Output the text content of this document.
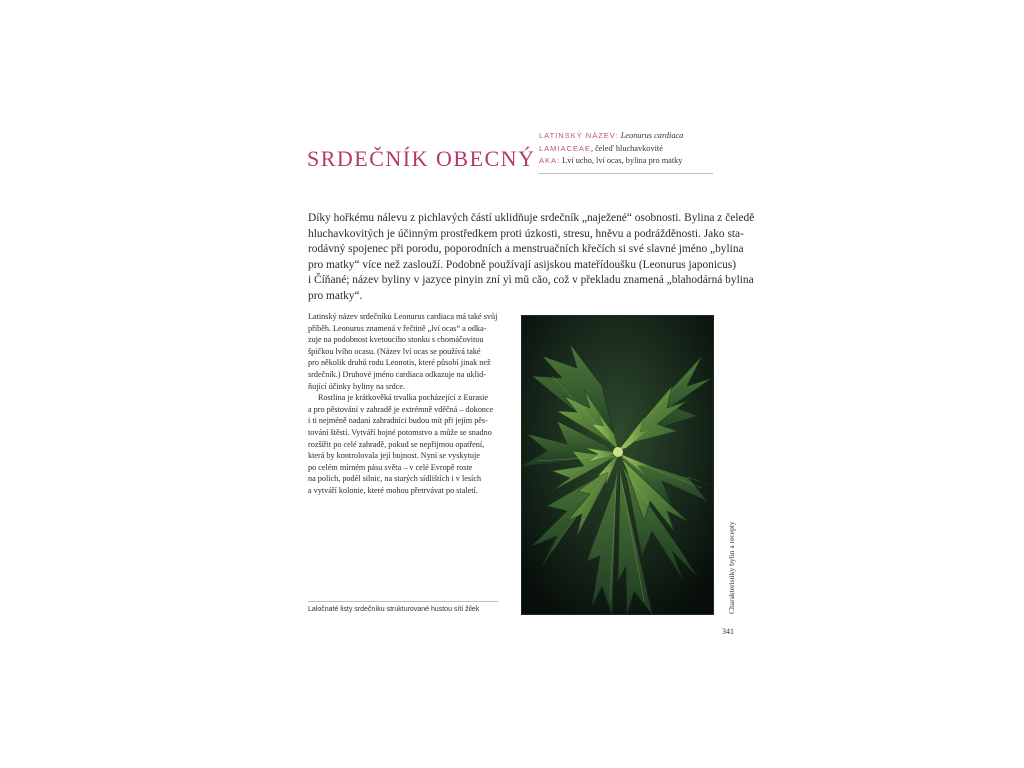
SRDEČNÍK OBECNÝ
LATINSKÝ NÁZEV: Leonurus cardiaca
LAMIACEAE, čeleď hluchavkovité
AKA: Lví ucho, lví ocas, bylina pro matky
Díky hořkému nálevu z pichlavých částí uklidňuje srdečník „naježené“ osobnosti. Bylina z čeledě
hluchavkovitých je účinným prostředkem proti úzkosti, stresu, hněvu a podrážděnosti. Jako sta-
rodávný spojenec při porodu, poporodních a menstruačních křečích si své slavné jméno „bylina
pro matky“ více než zaslouží. Podobně používají asijskou mateřídoušku (Leonurus japonicus)
i Číňané; název byliny v jazyce pinyin zní yì mǔ cǎo, což v překladu znamená „blahodárná bylina
pro matky“.
Latinský název srdečníku Leonurus cardiaca má také svůj
příběh. Leonurus znamená v řečtině „lví ocas“ a odka-
zuje na podobnost kvetoucího stonku s chomáčovitou
špičkou lvího ocasu. (Název lví ocas se používá také
pro několik druhů rodu Leonotis, které působí jinak než
srdečník.) Druhové jméno cardiaca odkazuje na uklid-
ňující účinky byliny na srdce.
Rostlina je krátkověká trvalka pocházející z Eurasie
a pro pěstování v zahradě je extrémně vděčná – dokonce
i ti nejméně nadaní zahradníci budou mít při jejím pěs-
tování štěstí. Vytváří hojné potomstvo a může se snadno
rozšířit po celé zahradě, pokud se nepřijmou opatření,
která by kontrolovala její bujnost. Nyní se vyskytuje
po celém mírném pásu světa – v celé Evropě roste
na polích, podél silnic, na starých sídlištích i v lesích
a vytváří kolonie, které mohou přetrvávat po staletí.
Laločnaté listy srdečníku strukturované hustou sítí žilek	Charakteristiky bylin a recepty
341
